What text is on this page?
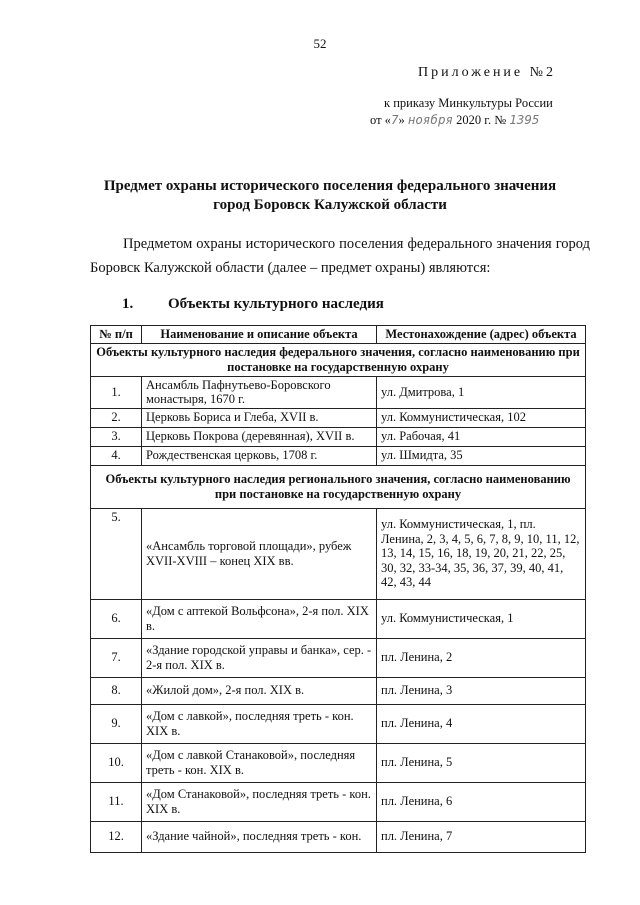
52
Приложение №2
к приказу Минкультуры России
от «7» ноября 2020 г. № 1395
Предмет охраны исторического поселения федерального значения
город Боровск Калужской области
Предметом охраны исторического поселения федерального значения город Боровск Калужской области (далее – предмет охраны) являются:
1. Объекты культурного наследия
№ п/п	Наименование и описание объекта	Местонахождение (адрес) объекта
Объекты культурного наследия федерального значения, согласно наименованию при постановке на государственную охрану		
1.	Ансамбль Пафнутьево-Боровского монастыря, 1670 г.	ул. Дмитрова, 1
2.	Церковь Бориса и Глеба, XVII в.	ул. Коммунистическая, 102
3.	Церковь Покрова (деревянная), XVII в.	ул. Рабочая, 41
4.	Рождественская церковь, 1708 г.	ул. Шмидта, 35
Объекты культурного наследия регионального значения, согласно наименованию при постановке на государственную охрану		
5.	«Ансамбль торговой площади», рубеж XVII-XVIII – конец XIX вв.	ул. Коммунистическая, 1, пл. Ленина, 2, 3, 4, 5, 6, 7, 8, 9, 10, 11, 12, 13, 14, 15, 16, 18, 19, 20, 21, 22, 25, 30, 32, 33-34, 35, 36, 37, 39, 40, 41, 42, 43, 44
6.	«Дом с аптекой Вольфсона», 2-я пол. XIX в.	ул. Коммунистическая, 1
7.	«Здание городской управы и банка», сер. - 2-я пол. XIX в.	пл. Ленина, 2
8.	«Жилой дом», 2-я пол. XIX в.	пл. Ленина, 3
9.	«Дом с лавкой», последняя треть - кон. XIX в.	пл. Ленина, 4
10.	«Дом с лавкой Станаковой», последняя треть - кон. XIX в.	пл. Ленина, 5
11.	«Дом Станаковой», последняя треть - кон. XIX в.	пл. Ленина, 6
12.	«Здание чайной», последняя треть - кон.	пл. Ленина, 7
